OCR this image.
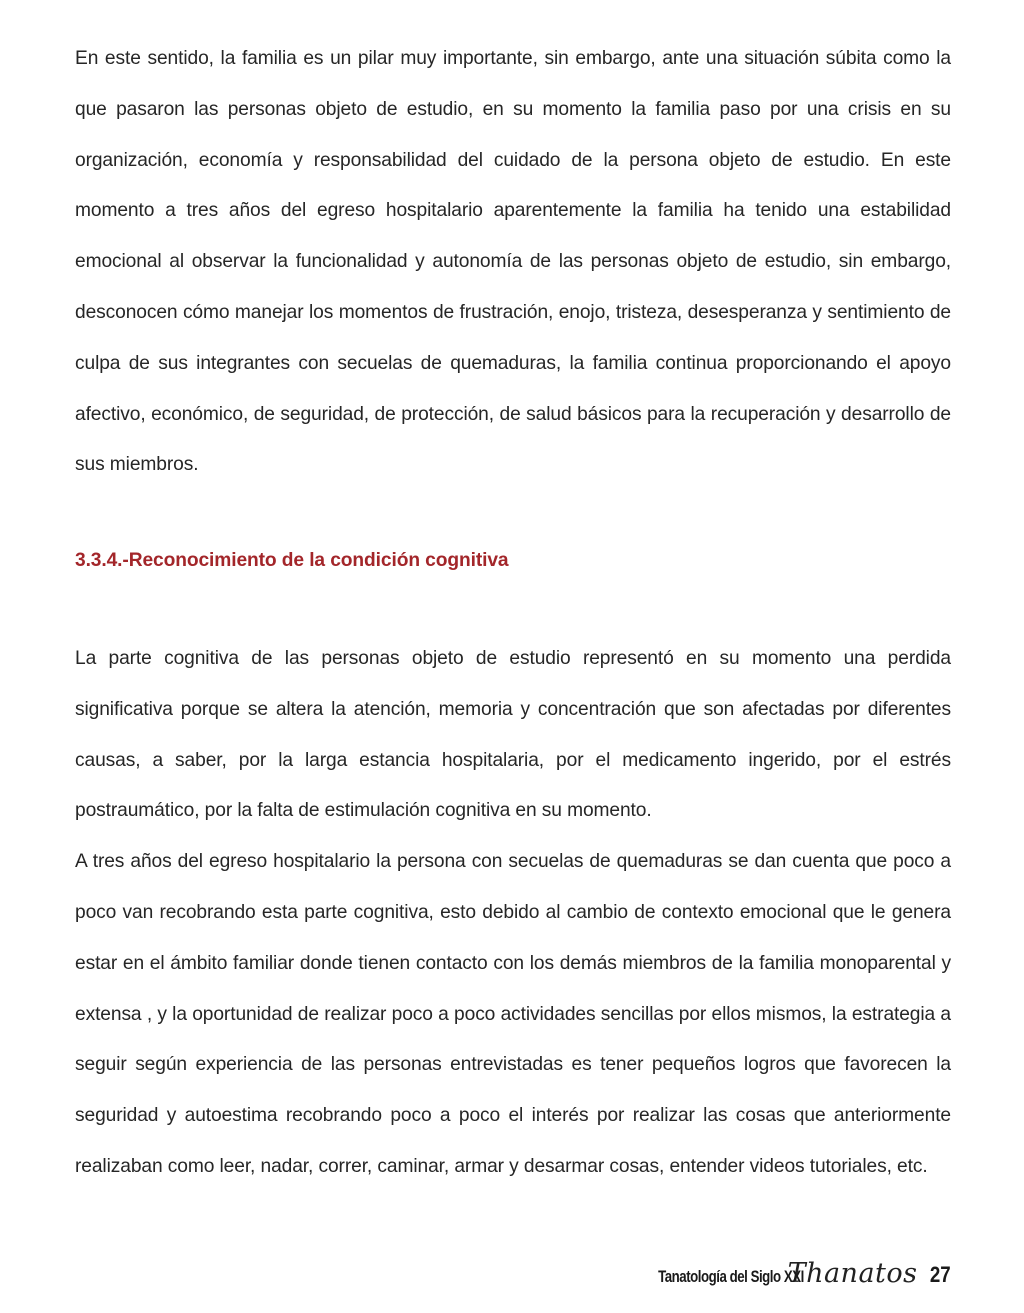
En este sentido, la familia es un pilar muy importante, sin embargo, ante una situación súbita como la que pasaron las personas objeto de estudio, en su momento la familia paso por una crisis en su organización, economía y responsabilidad del cuidado de la persona objeto de estudio. En este momento a tres años del egreso hospitalario aparentemente la familia ha tenido una estabilidad emocional al observar la funcionalidad y autonomía de las personas objeto de estudio, sin embargo, desconocen cómo manejar los momentos de frustración, enojo, tristeza, desesperanza y sentimiento de culpa de sus integrantes con secuelas de quemaduras, la familia continua proporcionando el apoyo afectivo, económico, de seguridad, de protección, de salud básicos para la recuperación y desarrollo de sus miembros.

3.3.4.-Reconocimiento de la condición cognitiva

La parte cognitiva de las personas objeto de estudio representó en su momento una perdida significativa porque se altera la atención, memoria y concentración que son afectadas por diferentes causas, a saber, por la larga estancia hospitalaria, por el medicamento ingerido, por el estrés postraumático, por la falta de estimulación cognitiva en su momento.

A tres años del egreso hospitalario la persona con secuelas de quemaduras se dan cuenta que poco a poco van recobrando esta parte cognitiva, esto debido al cambio de contexto emocional que le genera estar en el ámbito familiar donde tienen contacto con los demás miembros de la familia monoparental y extensa , y la oportunidad de realizar poco a poco actividades sencillas por ellos mismos, la estrategia a seguir según experiencia de las personas entrevistadas es tener pequeños logros que favorecen la seguridad y autoestima recobrando poco a poco el interés por realizar las cosas que anteriormente realizaban como leer, nadar, correr, caminar, armar y desarmar cosas, entender videos tutoriales, etc.

Tanatología del Siglo XXI
Thanatos 27
